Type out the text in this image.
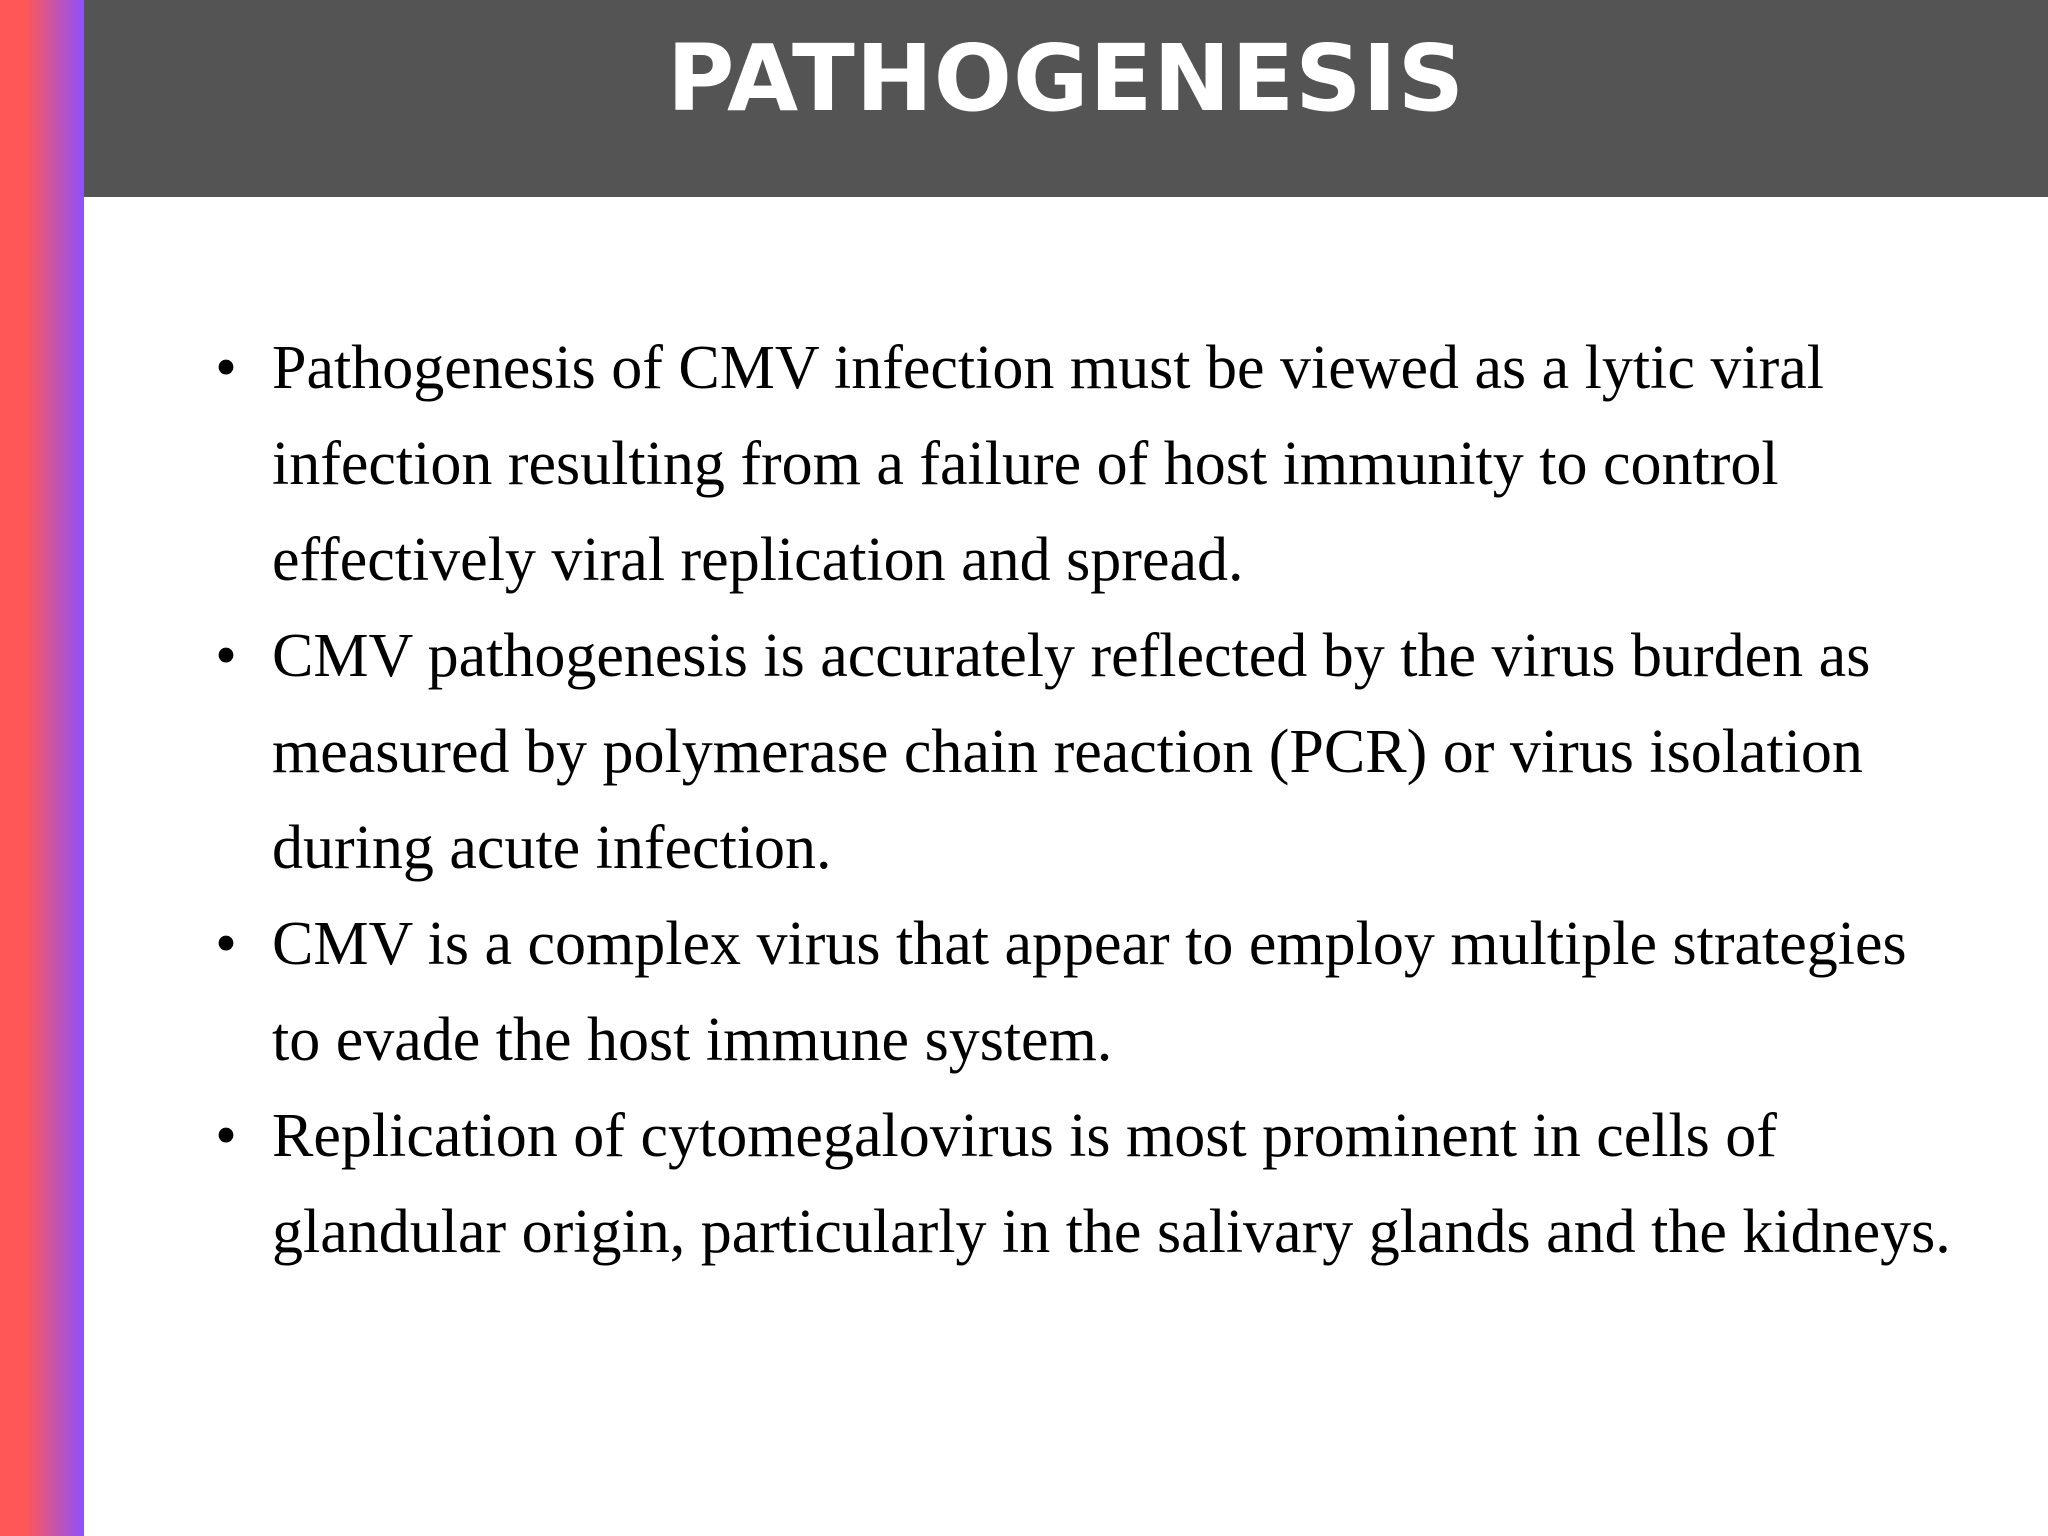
PATHOGENESIS
• Pathogenesis of CMV infection must be viewed as a lytic viral infection resulting from a failure of host immunity to control effectively viral replication and spread.
• CMV pathogenesis is accurately reflected by the virus burden as measured by polymerase chain reaction (PCR) or virus isolation during acute infection.
• CMV is a complex virus that appear to employ multiple strategies to evade the host immune system.
• Replication of cytomegalovirus is most prominent in cells of glandular origin, particularly in the salivary glands and the kidneys.
